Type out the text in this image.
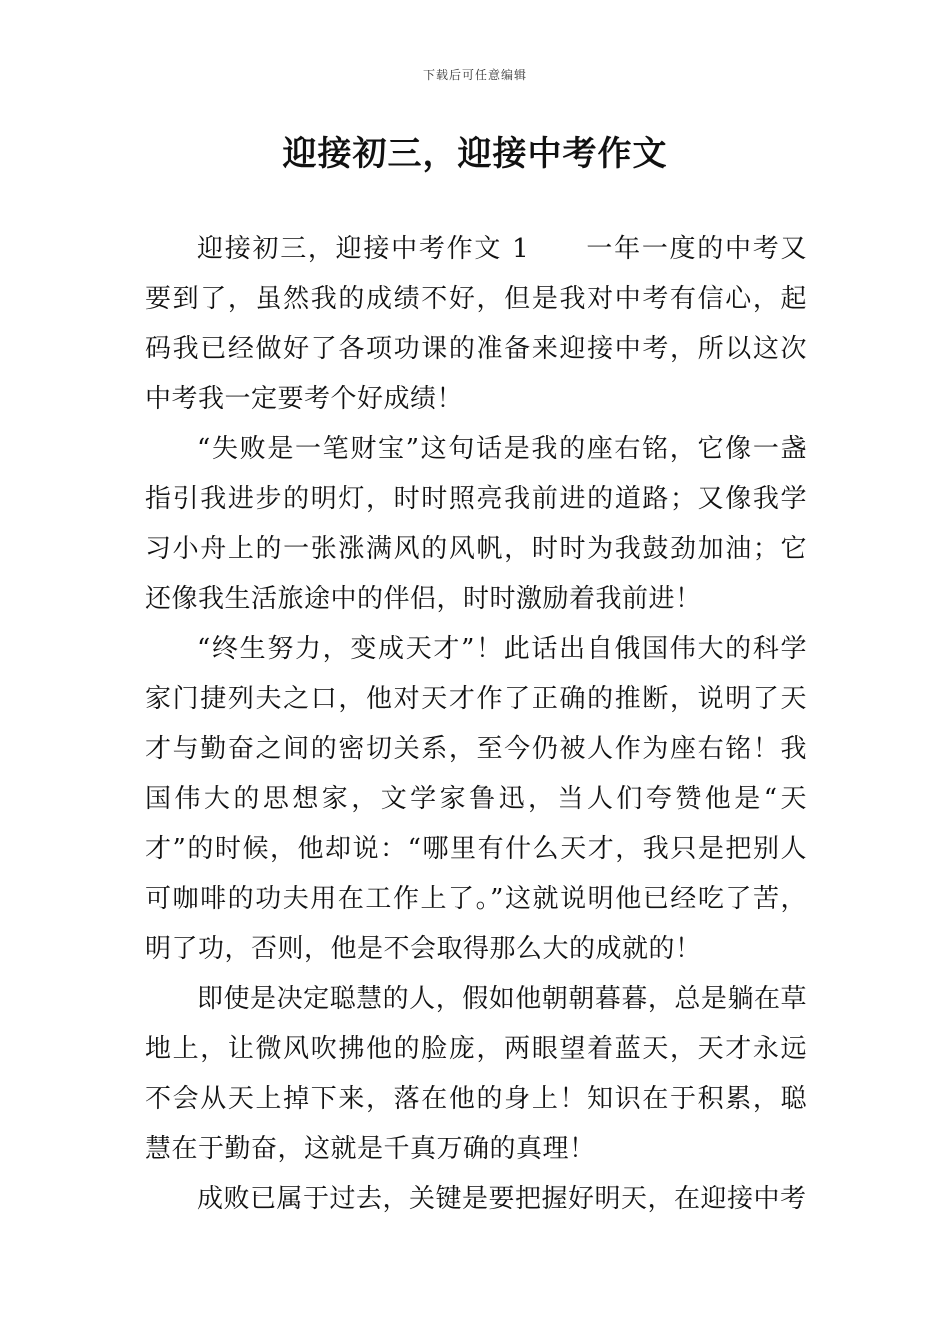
下载后可任意编辑
迎接初三，迎接中考作文

迎接初三，迎接中考作文 1 一年一度的中考又要到了，虽然我的成绩不好，但是我对中考有信心，起码我已经做好了各项功课的准备来迎接中考，所以这次中考我一定要考个好成绩！

“失败是一笔财宝”这句话是我的座右铭，它像一盏指引我进步的明灯，时时照亮我前进的道路；又像我学习小舟上的一张涨满风的风帆，时时为我鼓劲加油；它还像我生活旅途中的伴侣，时时激励着我前进！

“终生努力，变成天才”！此话出自俄国伟大的科学家门捷列夫之口，他对天才作了正确的推断，说明了天才与勤奋之间的密切关系，至今仍被人作为座右铭！我国伟大的思想家，文学家鲁迅，当人们夸赞他是“天才”的时候，他却说：“哪里有什么天才，我只是把别人可咖啡的功夫用在工作上了。”这就说明他已经吃了苦，明了功，否则，他是不会取得那么大的成就的！

即使是决定聪慧的人，假如他朝朝暮暮，总是躺在草地上，让微风吹拂他的脸庞，两眼望着蓝天，天才永远不会从天上掉下来，落在他的身上！知识在于积累，聪慧在于勤奋，这就是千真万确的真理！

成败已属于过去，关键是要把握好明天，在迎接中考
